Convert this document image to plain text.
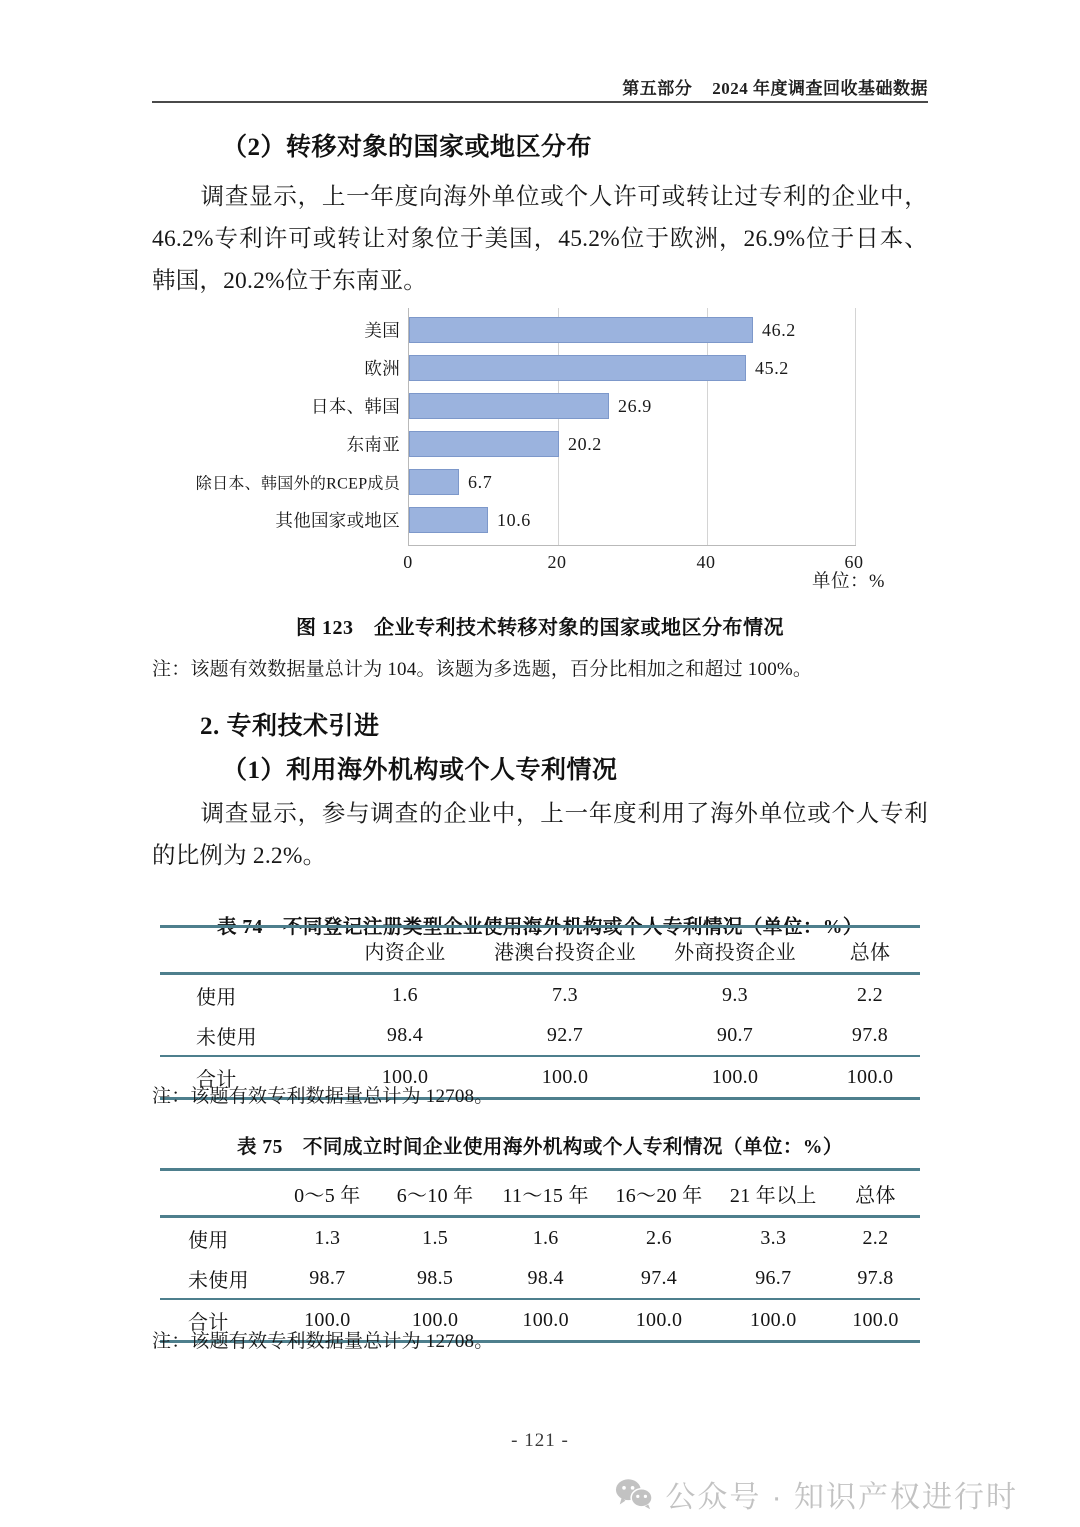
第五部分 2024 年度调查回收基础数据
（2）转移对象的国家或地区分布
调查显示，上一年度向海外单位或个人许可或转让过专利的企业中，46.2%专利许可或转让对象位于美国，45.2%位于欧洲，26.9%位于日本、韩国，20.2%位于东南亚。
46.2
美国
45.2
欧洲
26.9
日本、韩国
20.2
东南亚
6.7
除日本、韩国外的RCEP成员
10.6
其他国家或地区
0	20	40	60
单位：%
图 123　企业专利技术转移对象的国家或地区分布情况
注：该题有效数据量总计为 104。该题为多选题，百分比相加之和超过 100%。
2. 专利技术引进
（1）利用海外机构或个人专利情况
调查显示，参与调查的企业中，上一年度利用了海外单位或个人专利的比例为 2.2%。
表 74　不同登记注册类型企业使用海外机构或个人专利情况（单位：%）
	内资企业	港澳台投资企业	外商投资企业	总体
使用	1.6	7.3	9.3	2.2
未使用	98.4	92.7	90.7	97.8
合计	100.0	100.0	100.0	100.0
注：该题有效专利数据量总计为 12708。
表 75　不同成立时间企业使用海外机构或个人专利情况（单位：%）
	0～5 年	6～10 年	11～15 年	16～20 年	21 年以上	总体
使用	1.3	1.5	1.6	2.6	3.3	2.2
未使用	98.7	98.5	98.4	97.4	96.7	97.8
合计	100.0	100.0	100.0	100.0	100.0	100.0
注：该题有效专利数据量总计为 12708。
- 121 -
公众号 · 知识产权进行时
